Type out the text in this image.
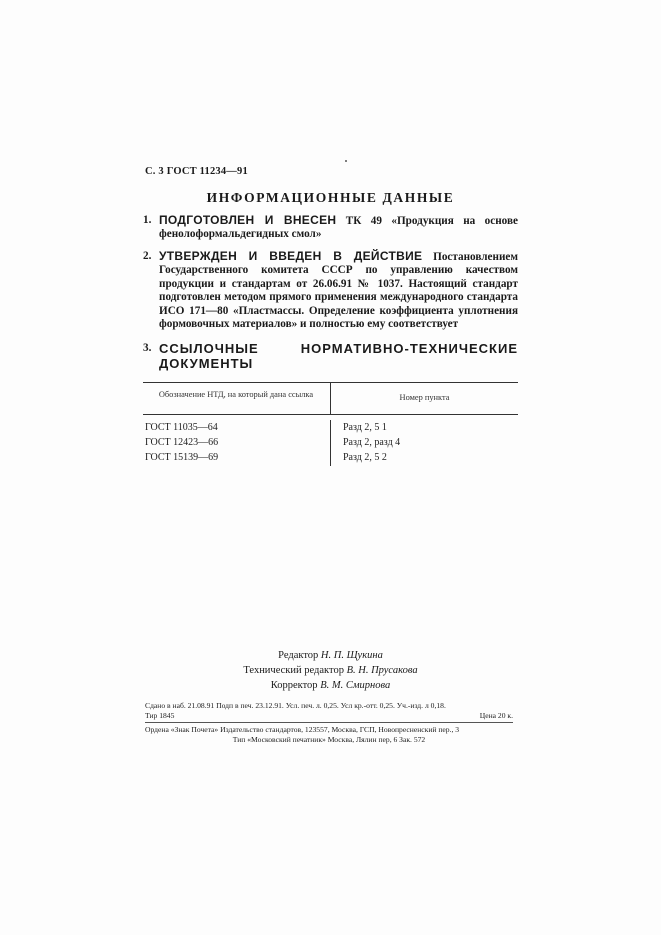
С. 3 ГОСТ 11234—91
ИНФОРМАЦИОННЫЕ ДАННЫЕ
1. ПОДГОТОВЛЕН И ВНЕСЕН ТК 49 «Продукция на основе фенолоформальдегидных смол»
2. УТВЕРЖДЕН И ВВЕДЕН В ДЕЙСТВИЕ Постановлением Государственного комитета СССР по управлению качеством продукции и стандартам от 26.06.91 № 1037. Настоящий стандарт подготовлен методом прямого применения международного стандарта ИСО 171—80 «Пластмассы. Определение коэффициента уплотнения формовочных материалов» и полностью ему соответствует
3. ССЫЛОЧНЫЕ НОРМАТИВНО-ТЕХНИЧЕСКИЕ ДОКУМЕНТЫ
Обозначение НТД, на который дана ссылка	Номер пункта
ГОСТ 11035—64	Разд 2, 5 1
ГОСТ 12423—66	Разд 2, разд 4
ГОСТ 15139—69	Разд 2, 5 2
Редактор Н. П. Щукина
Технический редактор В. Н. Прусакова
Корректор В. М. Смирнова
Сдано в наб. 21.08.91 Подп в печ. 23.12.91. Усл. печ. л. 0,25. Усл кр.-отт. 0,25. Уч.-изд. л 0,18.
Тир 1845	Цена 20 к.
Ордена «Знак Почета» Издательство стандартов, 123557, Москва, ГСП, Новопресненский пер., 3
Тип «Московский печатник» Москва, Лялин пер, 6 Зак. 572
